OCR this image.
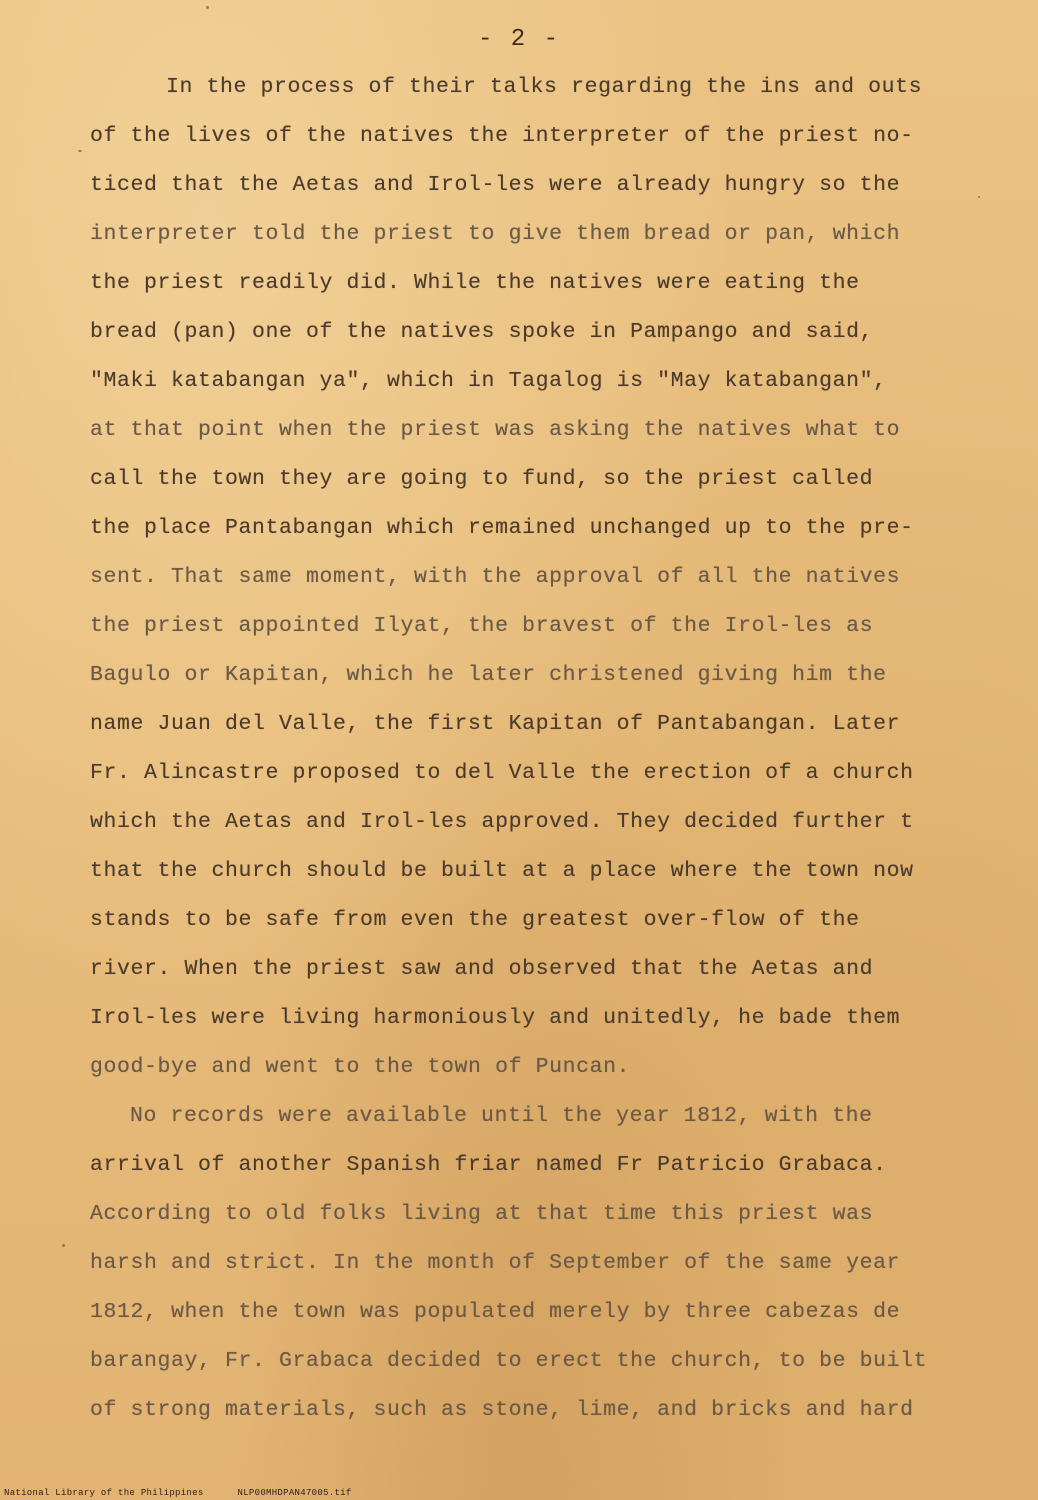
- 2 -
In the process of their talks regarding the ins and outs
of the lives of the natives the interpreter of the priest no-
ticed that the Aetas and Irol-les were already hungry so the
interpreter told the priest to give them bread or pan, which
the priest readily did. While the natives were eating the
bread (pan) one of the natives spoke in Pampango and said,
"Maki katabangan ya", which in Tagalog is "May katabangan",
at that point when the priest was asking the natives what to
call the town they are going to fund, so the priest called
the place Pantabangan which remained unchanged up to the pre-
sent. That same moment, with the approval of all the natives
the priest appointed Ilyat, the bravest of the Irol-les as
Bagulo or Kapitan, which he later christened giving him the
name Juan del Valle, the first Kapitan of Pantabangan. Later
Fr. Alincastre proposed to del Valle the erection of a church
which the Aetas and Irol-les approved. They decided further t
that the church should be built at a place where the town now
stands to be safe from even the greatest over-flow of the
river. When the priest saw and observed that the Aetas and
Irol-les were living harmoniously and unitedly, he bade them
good-bye and went to the town of Puncan.
No records were available until the year 1812, with the
arrival of another Spanish friar named Fr Patricio Grabaca.
According to old folks living at that time this priest was
harsh and strict. In the month of September of the same year
1812, when the town was populated merely by three cabezas de
barangay, Fr. Grabaca decided to erect the church, to be built
of strong materials, such as stone, lime, and bricks and hard
National Library of the Philippines	NLP00MHDPAN47005.tif
